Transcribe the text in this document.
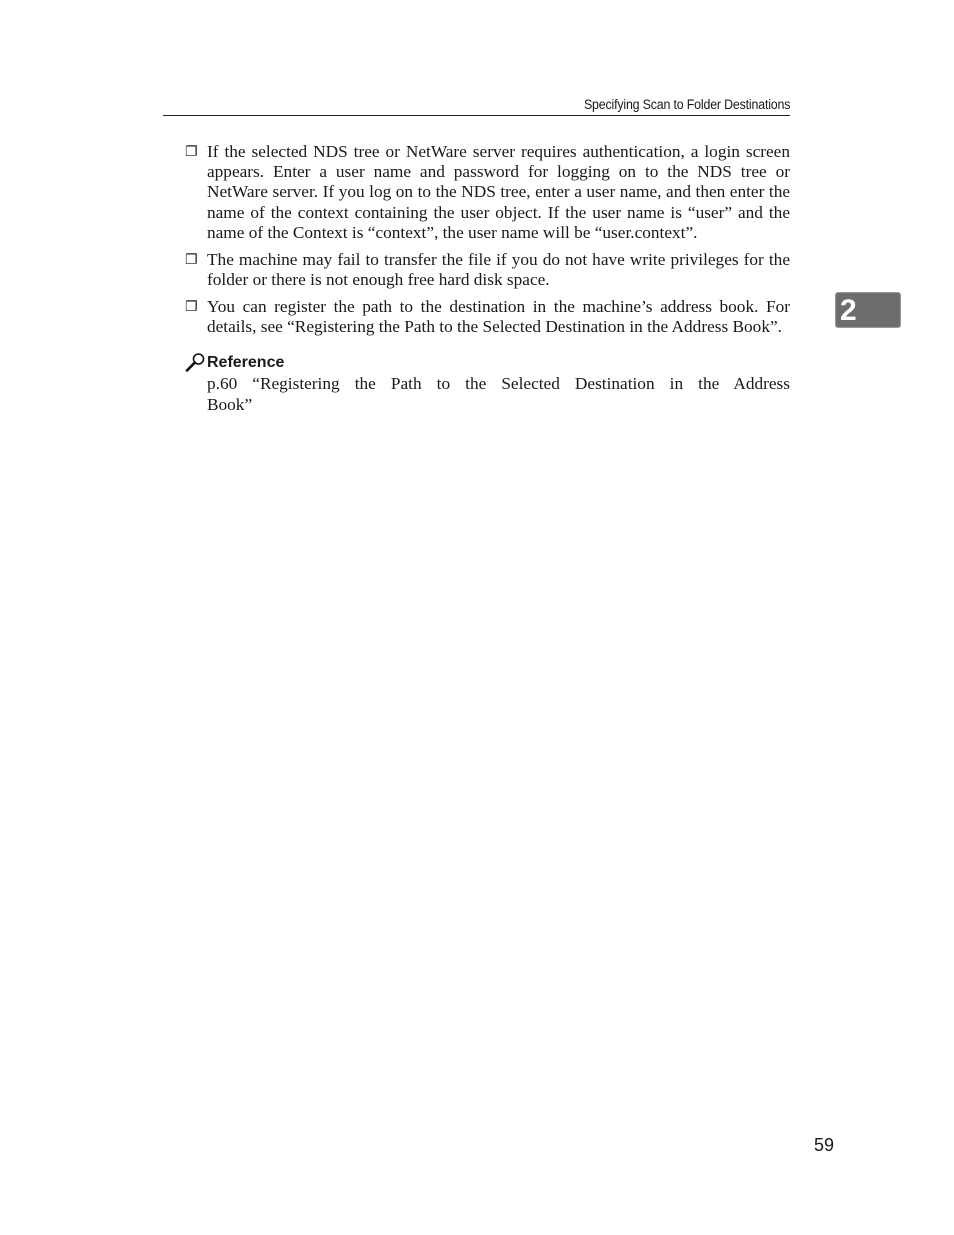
Specifying Scan to Folder Destinations
2

❐ If the selected NDS tree or NetWare server requires authentication, a login screen appears. Enter a user name and password for logging on to the NDS tree or NetWare server. If you log on to the NDS tree, enter a user name, and then enter the name of the context containing the user object. If the user name is “user” and the name of the Context is “context”, the user name will be “user.context”.

❐ The machine may fail to transfer the file if you do not have write privileges for the folder or there is not enough free hard disk space.

❐ You can register the path to the destination in the machine’s address book. For details, see “Registering the Path to the Selected Destination in the Address Book”.

Reference
p.60 “Registering the Path to the Selected Destination in the Address
Book”
59
